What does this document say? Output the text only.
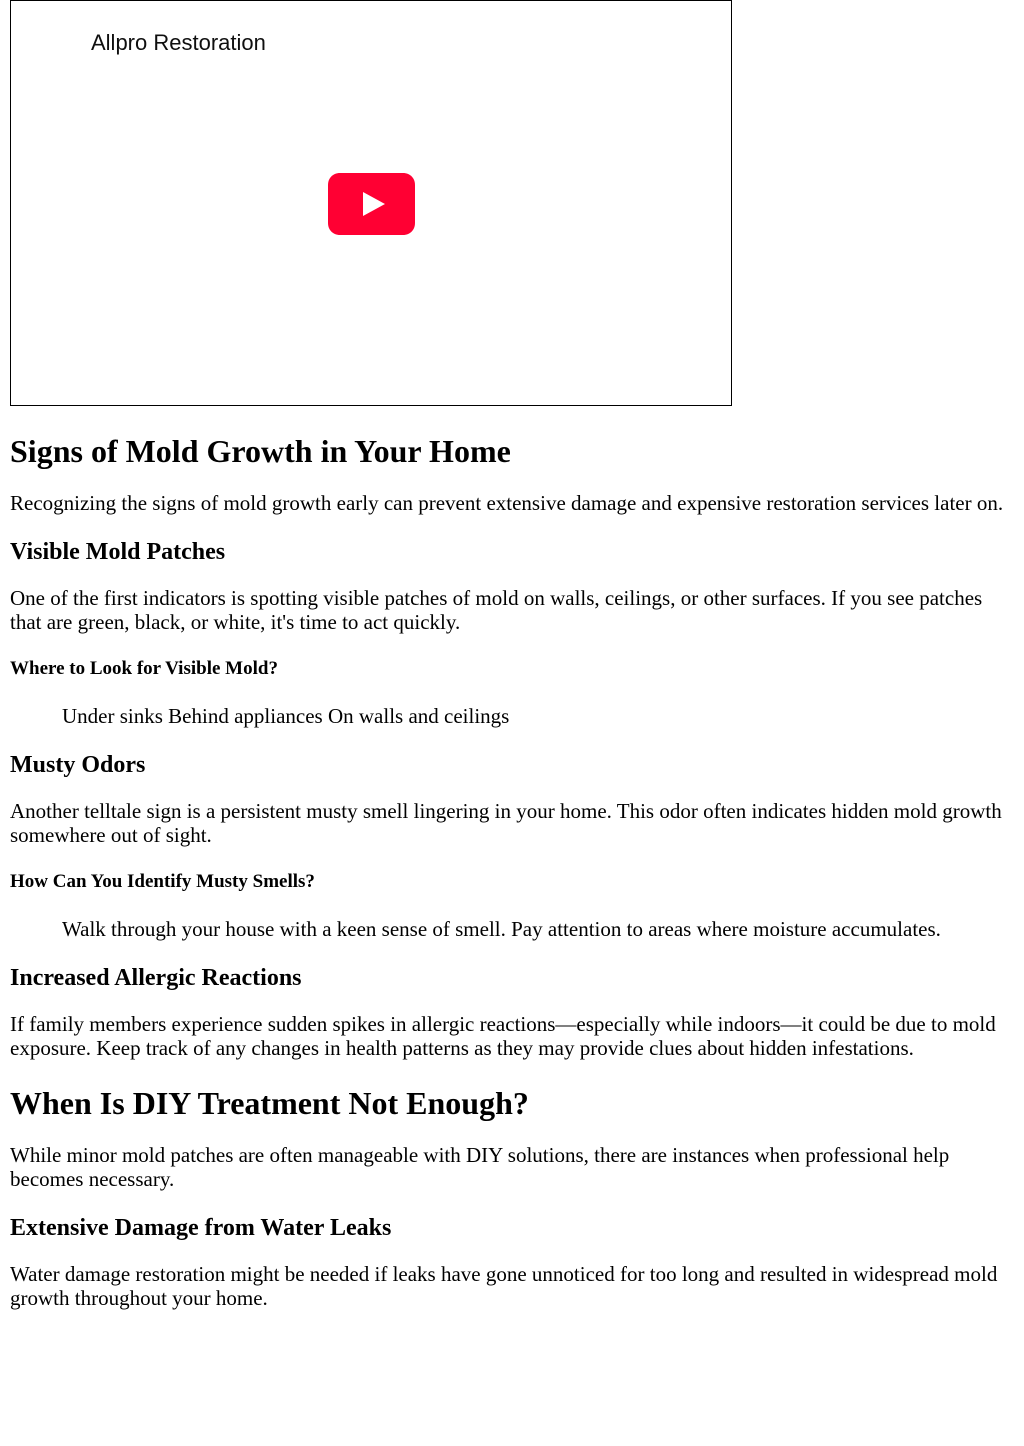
Allpro Restoration
Signs of Mold Growth in Your Home

Recognizing the signs of mold growth early can prevent extensive damage and expensive restoration services later on.

Visible Mold Patches

One of the first indicators is spotting visible patches of mold on walls, ceilings, or other surfaces. If you see patches that are green, black, or white, it's time to act quickly.

Where to Look for Visible Mold?
Under sinks Behind appliances On walls and ceilings
Musty Odors

Another telltale sign is a persistent musty smell lingering in your home. This odor often indicates hidden mold growth somewhere out of sight.

How Can You Identify Musty Smells?
Walk through your house with a keen sense of smell. Pay attention to areas where moisture accumulates.
Increased Allergic Reactions

If family members experience sudden spikes in allergic reactions—especially while indoors—it could be due to mold exposure. Keep track of any changes in health patterns as they may provide clues about hidden infestations.

When Is DIY Treatment Not Enough?

While minor mold patches are often manageable with DIY solutions, there are instances when professional help becomes necessary.

Extensive Damage from Water Leaks

Water damage restoration might be needed if leaks have gone unnoticed for too long and resulted in widespread mold growth throughout your home.
